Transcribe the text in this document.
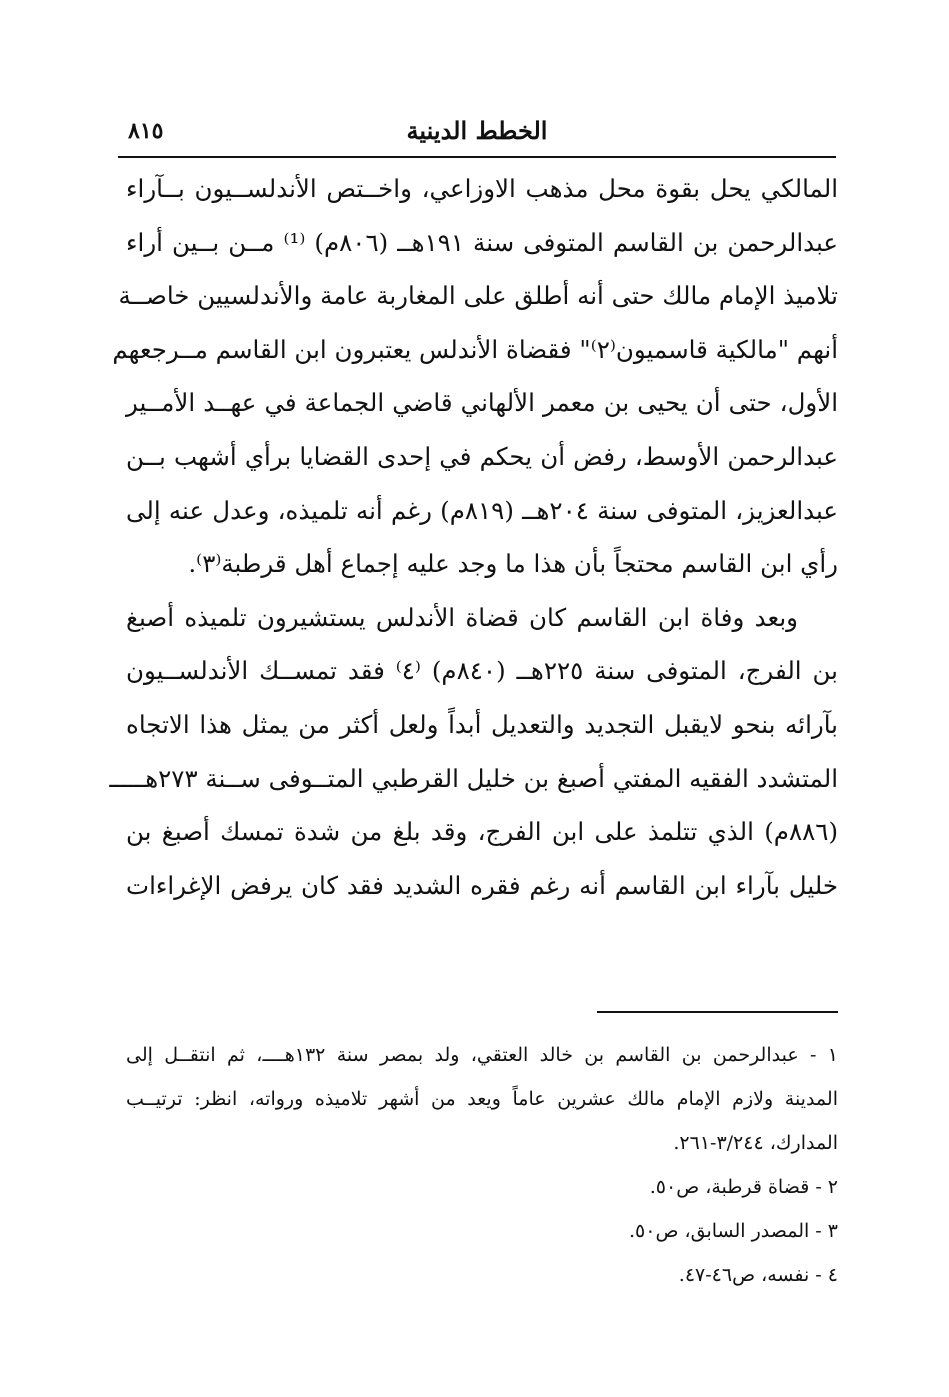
٨١٥	الخطط الدينية
المالكي يحل بقوة محل مذهب الاوزاعي، واخــتص الأندلســيون بــآراء
عبدالرحمن بن القاسم المتوفى سنة ١٩١هــ (٨٠٦م) ⁽¹⁾ مــن بــين أراء
تلاميذ الإمام مالك حتى أنه أطلق على المغاربة عامة والأندلسيين خاصــة
أنهم "مالكية قاسميون⁽٢⁾" فقضاة الأندلس يعتبرون ابن القاسم مــرجعهم
الأول، حتى أن يحيى بن معمر الألهاني قاضي الجماعة في عهــد الأمــير
عبدالرحمن الأوسط، رفض أن يحكم في إحدى القضايا برأي أشهب بــن
عبدالعزيز، المتوفى سنة ٢٠٤هــ (٨١٩م) رغم أنه تلميذه، وعدل عنه إلى
رأي ابن القاسم محتجاً بأن هذا ما وجد عليه إجماع أهل قرطبة⁽٣⁾.
وبعد وفاة ابن القاسم كان قضاة الأندلس يستشيرون تلميذه أصبغ
بن الفرج، المتوفى سنة ٢٢٥هــ (٨٤٠م) ⁽٤⁾ فقد تمســك الأندلســيون
بآرائه بنحو لايقبل التجديد والتعديل أبداً ولعل أكثر من يمثل هذا الاتجاه
المتشدد الفقيه المفتي أصبغ بن خليل القرطبي المتــوفى ســنة ٢٧٣هـــــ
(٨٨٦م) الذي تتلمذ على ابن الفرج، وقد بلغ من شدة تمسك أصبغ بن
خليل بآراء ابن القاسم أنه رغم فقره الشديد فقد كان يرفض الإغراءات
١ - عبدالرحمن بن القاسم بن خالد العتقي، ولد بمصر سنة ١٣٢هــــ، ثم انتقــل إلى
المدينة ولازم الإمام مالك عشرين عاماً ويعد من أشهر تلاميذه ورواته، انظر: ترتيــب
المدارك، ٣/٢٤٤-٢٦١.
٢ - قضاة قرطبة، ص٥٠.
٣ - المصدر السابق، ص٥٠.
٤ - نفسه، ص٤٦-٤٧.
